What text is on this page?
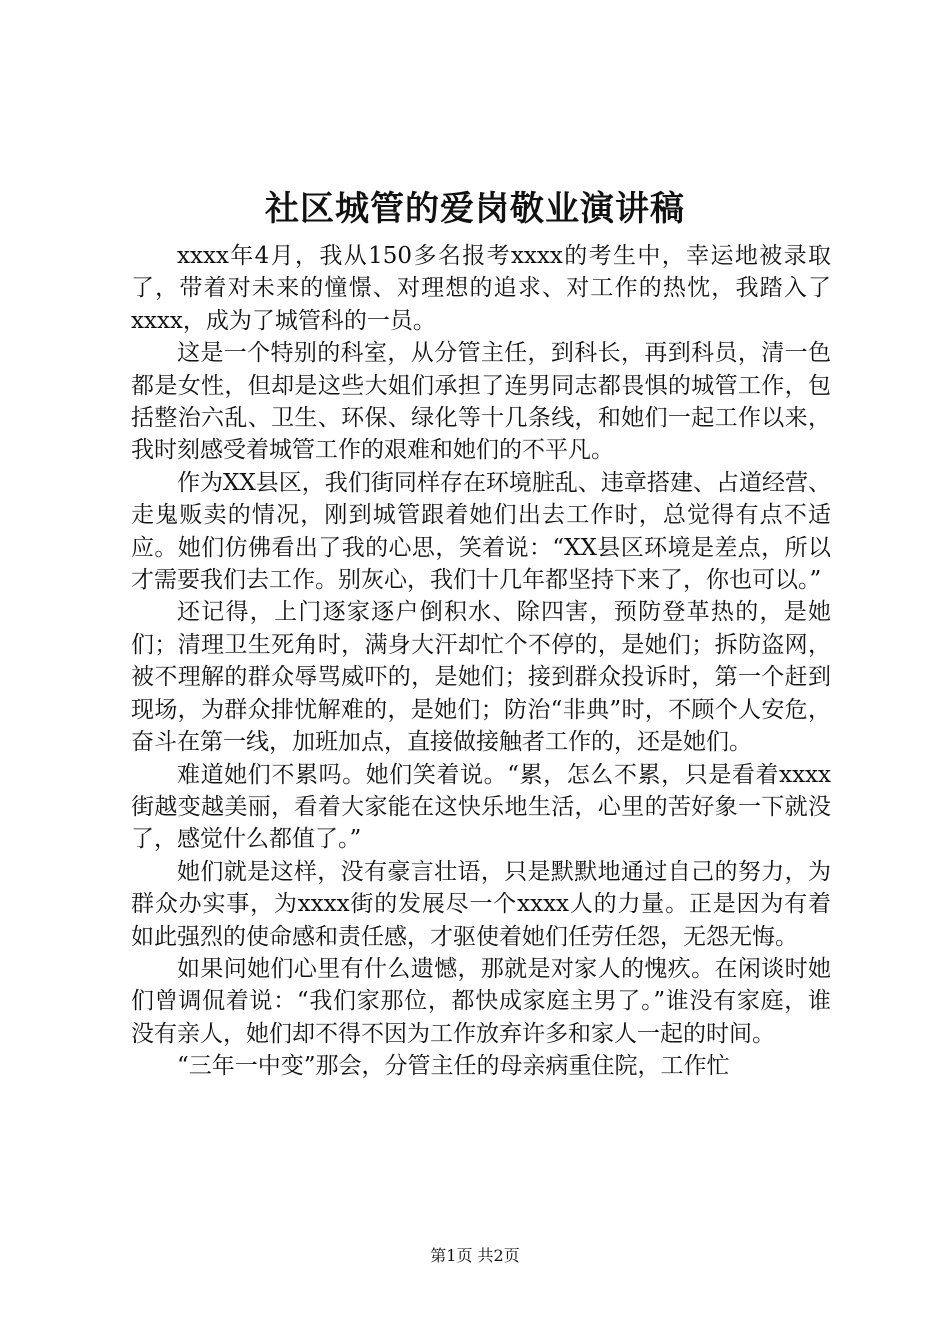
社区城管的爱岗敬业演讲稿

xxxx年4月，我从150多名报考xxxx的考生中，幸运地被录取了，带着对未来的憧憬、对理想的追求、对工作的热忱，我踏入了xxxx，成为了城管科的一员。

这是一个特别的科室，从分管主任，到科长，再到科员，清一色都是女性，但却是这些大姐们承担了连男同志都畏惧的城管工作，包括整治六乱、卫生、环保、绿化等十几条线，和她们一起工作以来，我时刻感受着城管工作的艰难和她们的不平凡。

作为XX县区，我们街同样存在环境脏乱、违章搭建、占道经营、走鬼贩卖的情况，刚到城管跟着她们出去工作时，总觉得有点不适应。她们仿佛看出了我的心思，笑着说：“XX县区环境是差点，所以才需要我们去工作。别灰心，我们十几年都坚持下来了，你也可以。”

还记得，上门逐家逐户倒积水、除四害，预防登革热的，是她们；清理卫生死角时，满身大汗却忙个不停的，是她们；拆防盗网，被不理解的群众辱骂威吓的，是她们；接到群众投诉时，第一个赶到现场，为群众排忧解难的，是她们；防治“非典”时，不顾个人安危，奋斗在第一线，加班加点，直接做接触者工作的，还是她们。

难道她们不累吗。她们笑着说。“累，怎么不累，只是看着xxxx街越变越美丽，看着大家能在这快乐地生活，心里的苦好象一下就没了，感觉什么都值了。”

她们就是这样，没有豪言壮语，只是默默地通过自己的努力，为群众办实事，为xxxx街的发展尽一个xxxx人的力量。正是因为有着如此强烈的使命感和责任感，才驱使着她们任劳任怨，无怨无悔。

如果问她们心里有什么遗憾，那就是对家人的愧疚。在闲谈时她们曾调侃着说：“我们家那位，都快成家庭主男了。”谁没有家庭，谁没有亲人，她们却不得不因为工作放弃许多和家人一起的时间。

“三年一中变”那会，分管主任的母亲病重住院，工作忙

第1页 共2页
